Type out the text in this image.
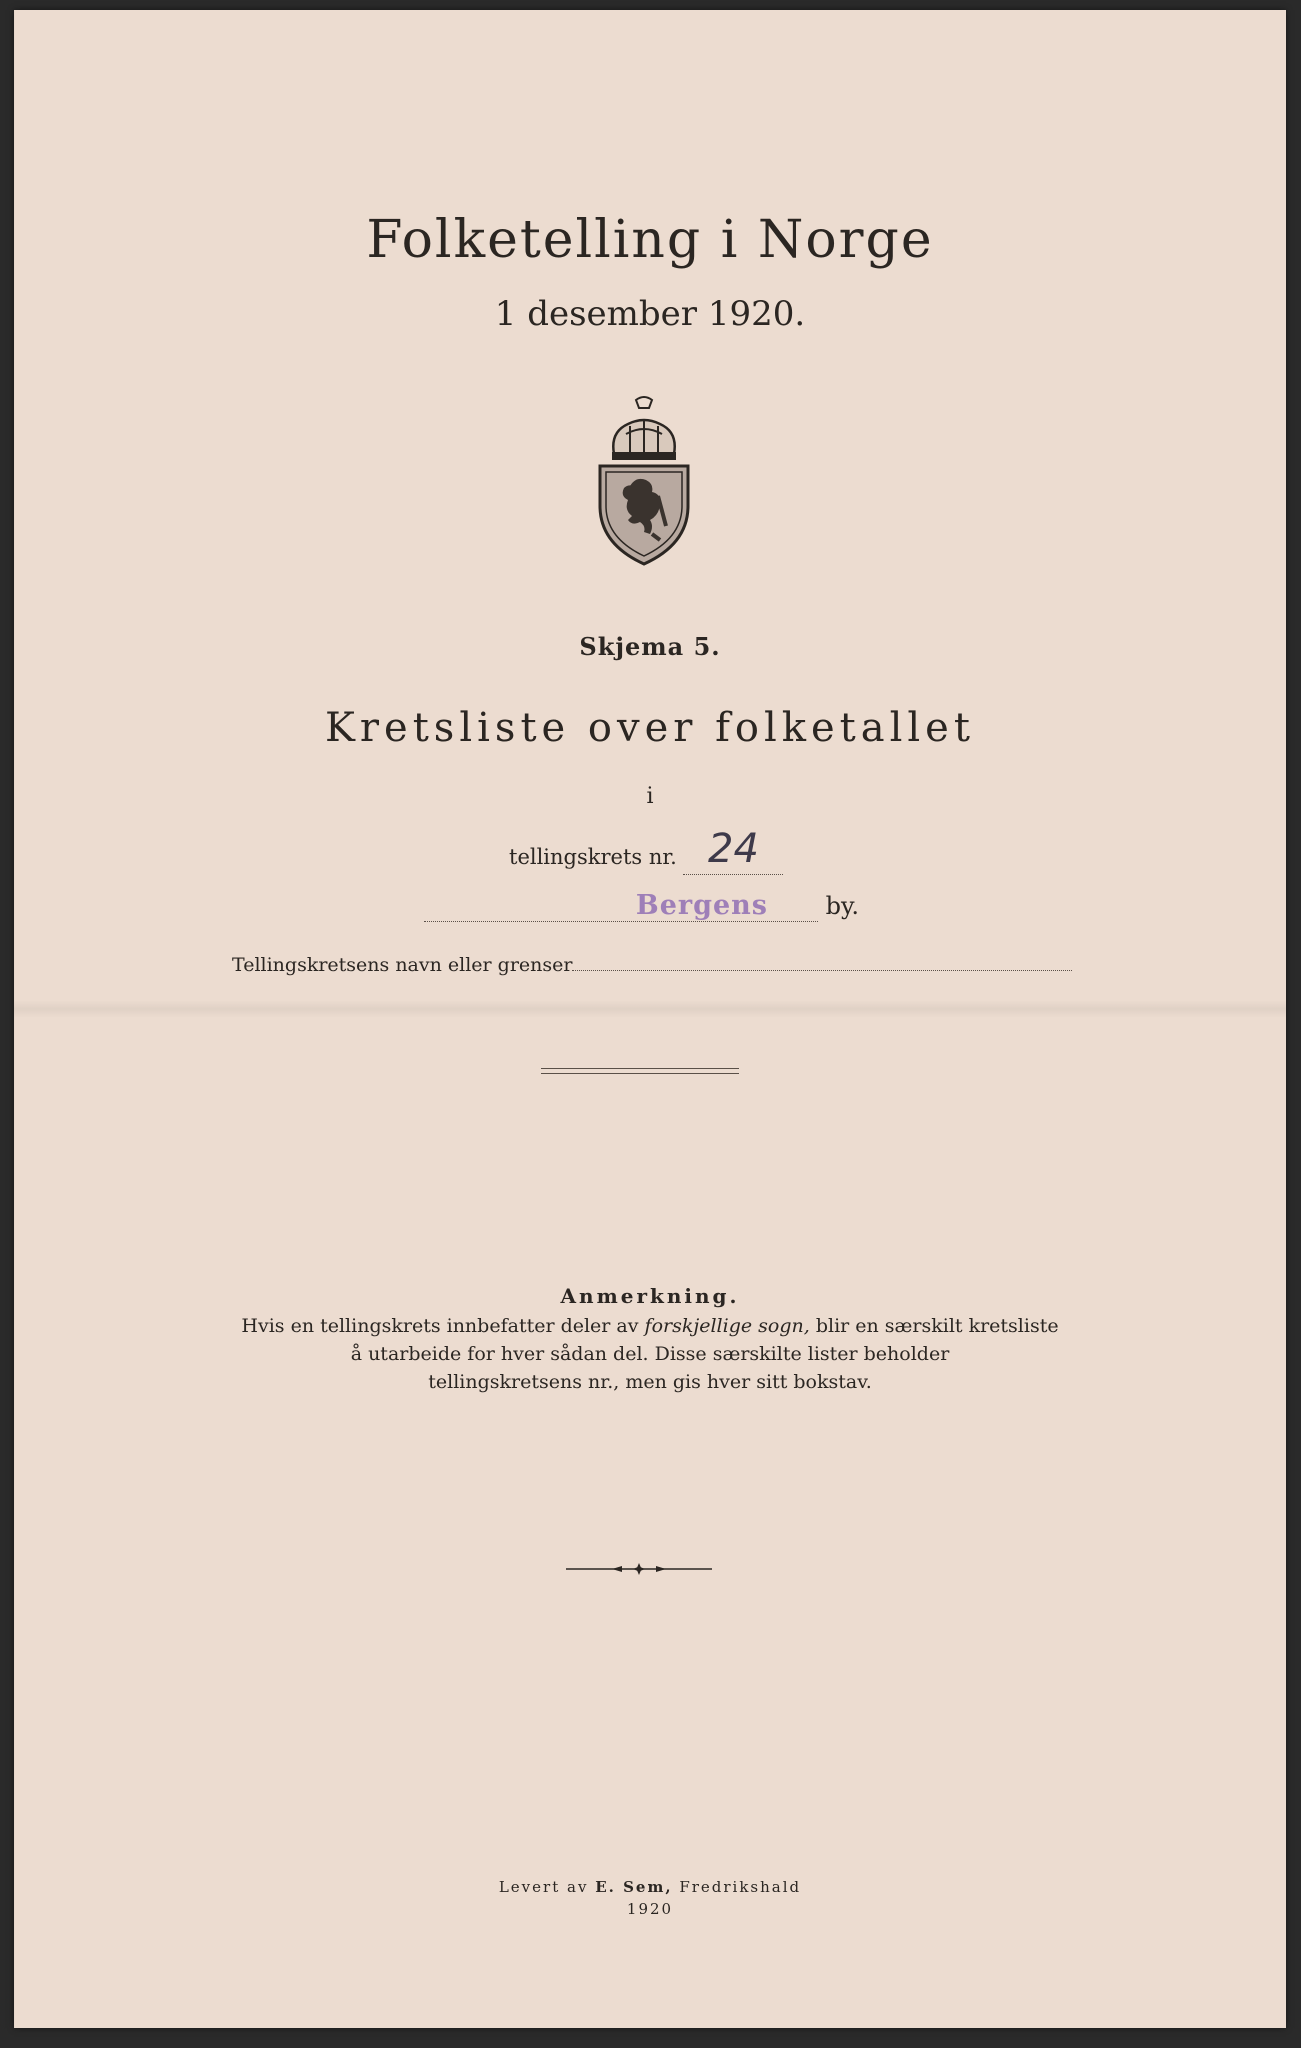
Folketelling i Norge
1 desember 1920.
Skjema 5.
Kretsliste over folketallet
i
tellingskrets nr. 24
Bergens by.
Tellingskretsens navn eller grenser
Anmerkning.
Hvis en tellingskrets innbefatter deler av forskjellige sogn, blir en særskilt kretsliste
å utarbeide for hver sådan del. Disse særskilte lister beholder
tellingskretsens nr., men gis hver sitt bokstav.
Levert av E. Sem, Fredrikshald
1920
